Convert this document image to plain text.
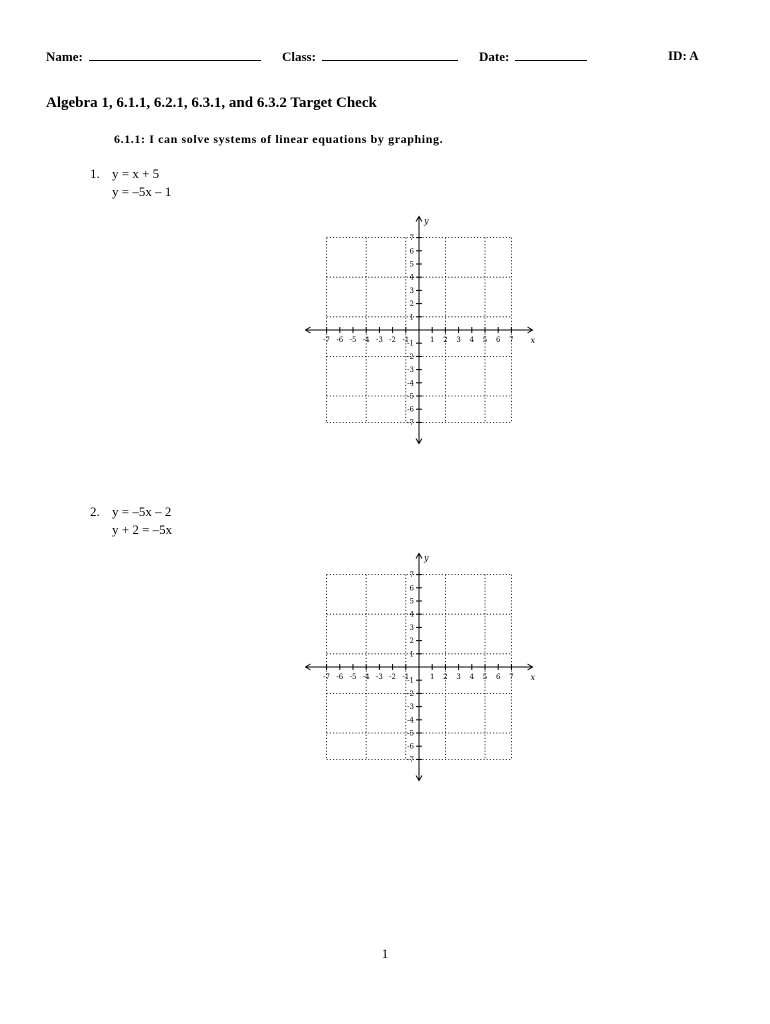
Name:	Class:	Date:	ID: A
Algebra 1, 6.1.1, 6.2.1, 6.3.1, and 6.3.2 Target Check
6.1.1: I can solve systems of linear equations by graphing.
1. y = x + 5
y = –5x – 1
-7 -6 -5 -4 -3 -2 -1	1 2 3 4 5 6 7
7
6
5
4
3
2
1
-1
-2
-3
-4
-5
-6
-7
x
y
2. y = –5x – 2
y + 2 = –5x
-7 -6 -5 -4 -3 -2 -1	1 2 3 4 5 6 7
7
6
5
4
3
2
1
-1
-2
-3
-4
-5
-6
-7
x
y
1
